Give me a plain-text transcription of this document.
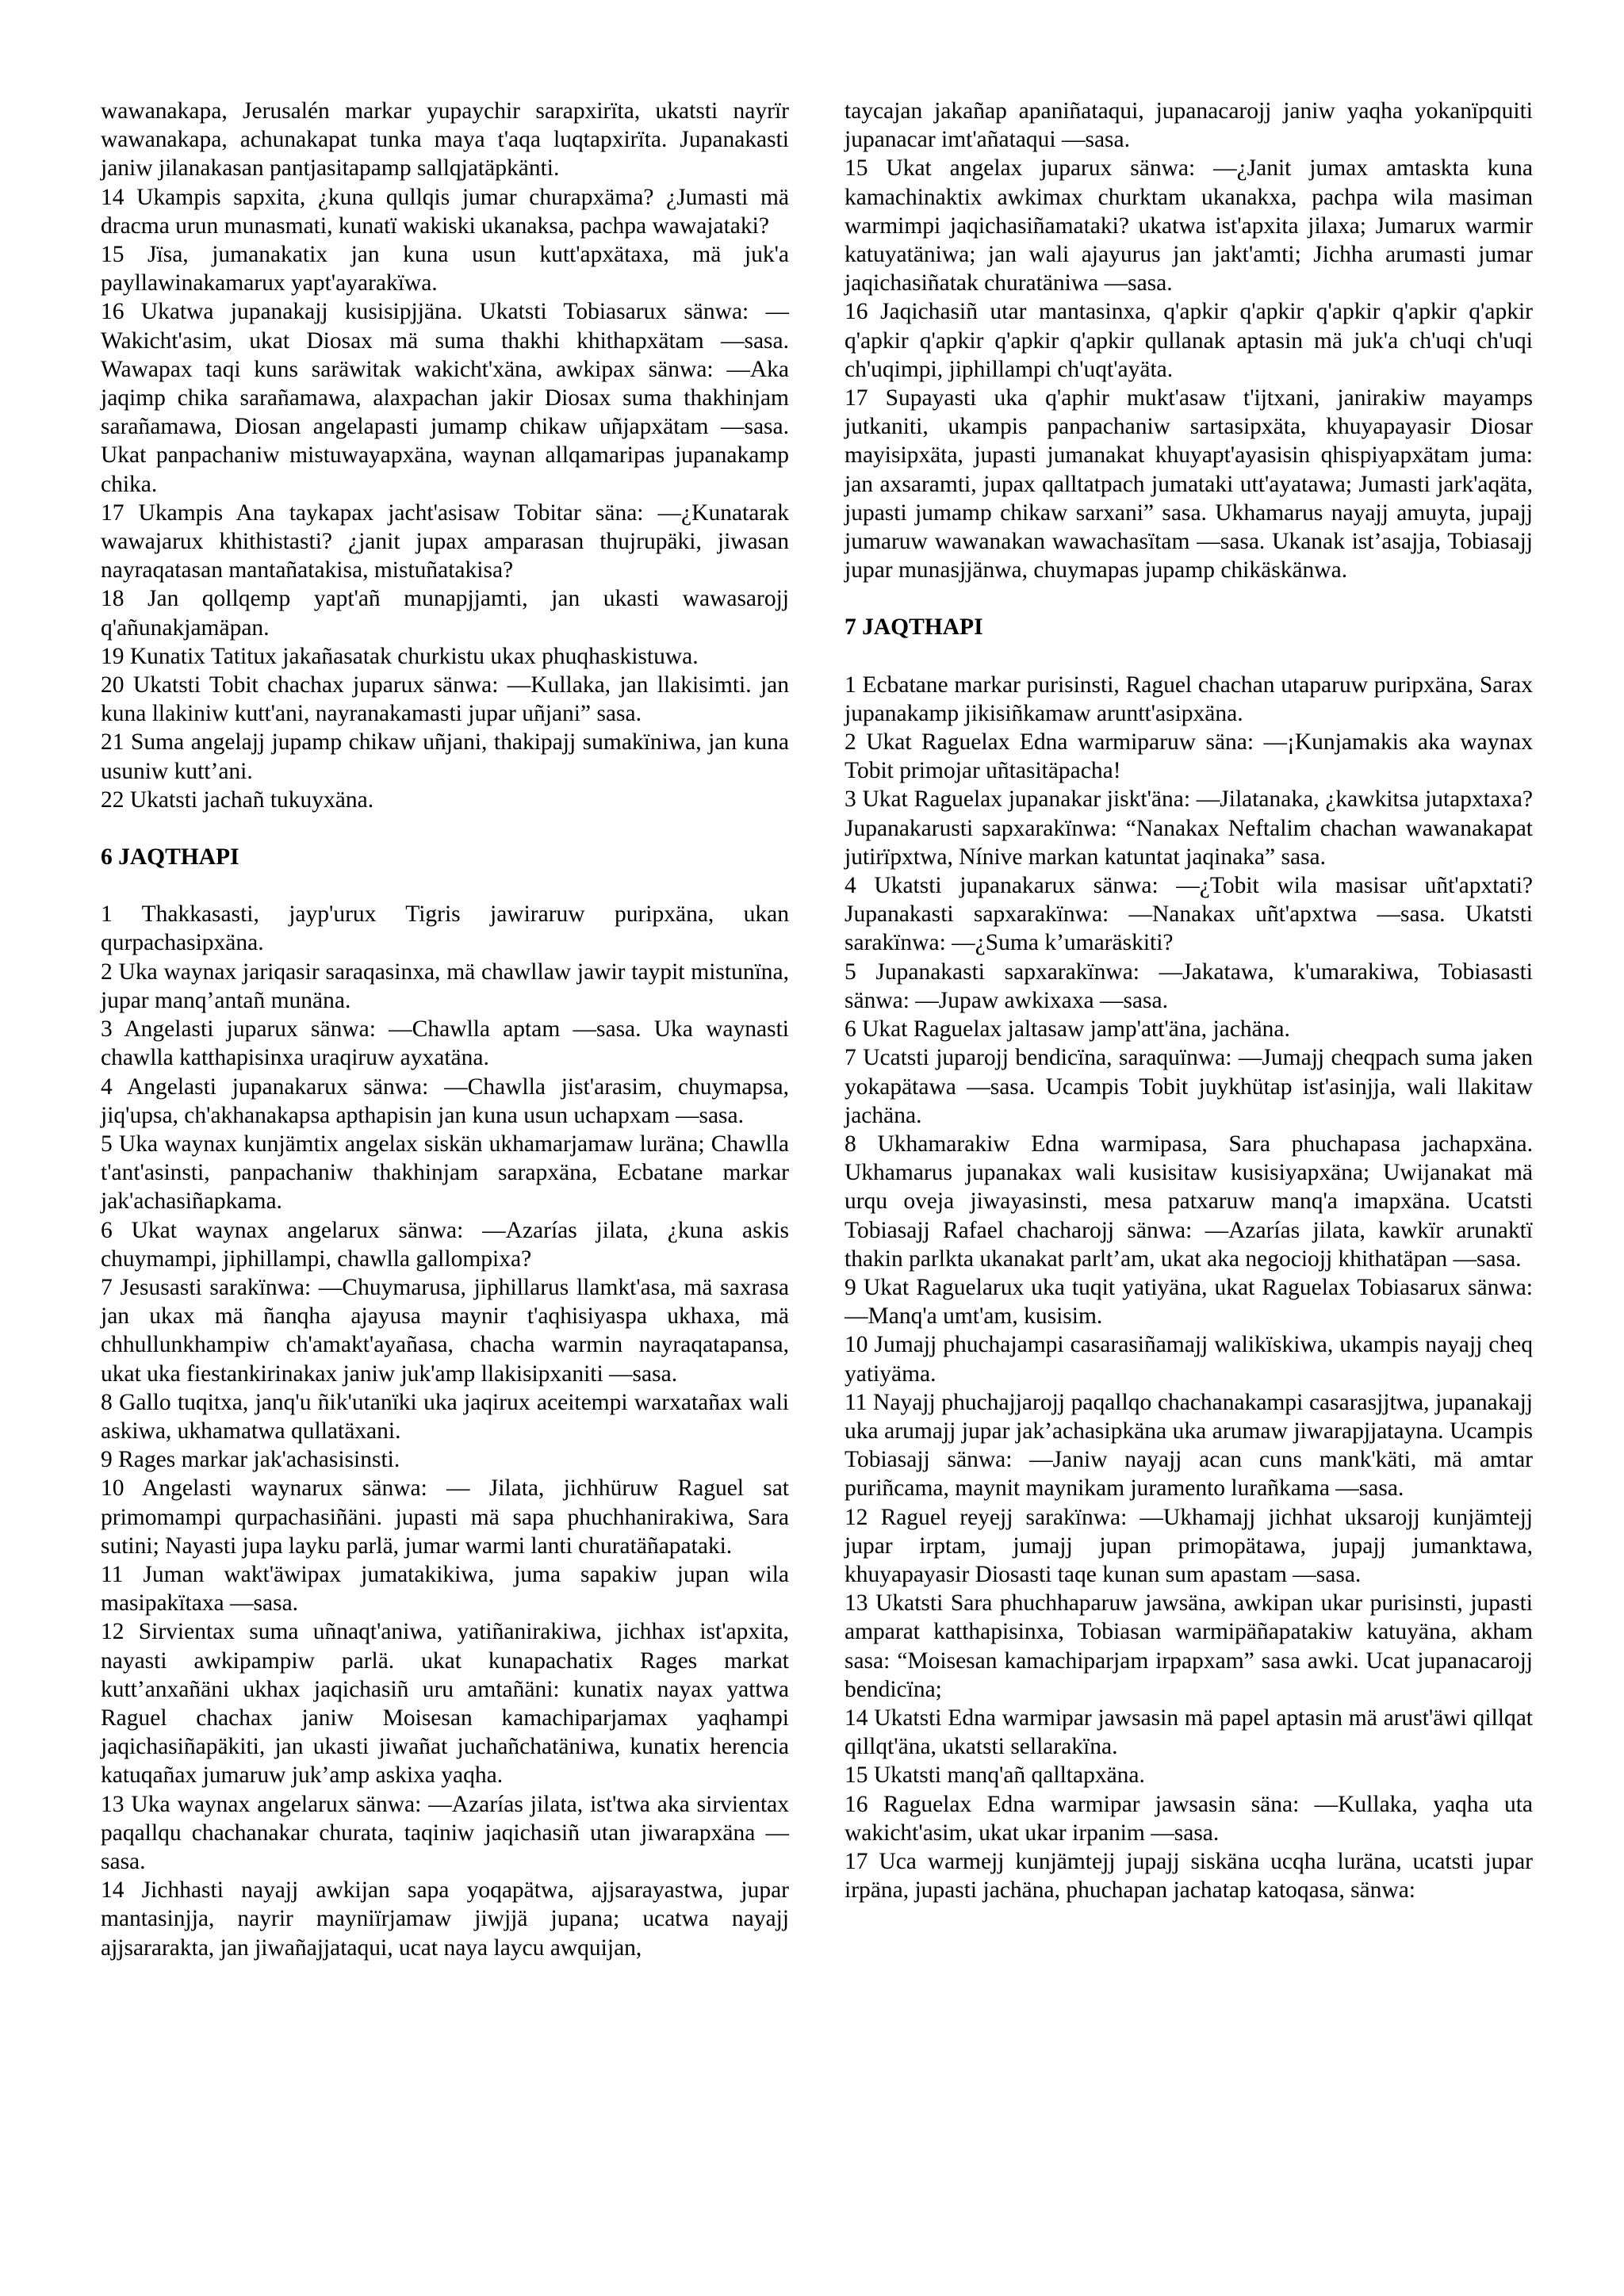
wawanakapa, Jerusalén markar yupaychir sarapxirïta, ukatsti nayrïr wawanakapa, achunakapat tunka maya t'aqa luqtapxirïta. Jupanakasti janiw jilanakasan pantjasitapamp sallqjatäpkänti.

14 Ukampis sapxita, ¿kuna qullqis jumar churapxäma? ¿Jumasti mä dracma urun munasmati, kunatï wakiski ukanaksa, pachpa wawajataki?

15 Jïsa, jumanakatix jan kuna usun kutt'apxätaxa, mä juk'a payllawinakamarux yapt'ayarakïwa.

16 Ukatwa jupanakajj kusisipjjäna. Ukatsti Tobiasarux sänwa: —Wakicht'asim, ukat Diosax mä suma thakhi khithapxätam —sasa. Wawapax taqi kuns saräwitak wakicht'xäna, awkipax sänwa: —Aka jaqimp chika sarañamawa, alaxpachan jakir Diosax suma thakhinjam sarañamawa, Diosan angelapasti jumamp chikaw uñjapxätam —sasa. Ukat panpachaniw mistuwayapxäna, waynan allqamaripas jupanakamp chika.

17 Ukampis Ana taykapax jacht'asisaw Tobitar säna: —¿Kunatarak wawajarux khithistasti? ¿janit jupax amparasan thujrupäki, jiwasan nayraqatasan mantañatakisa, mistuñatakisa?

18 Jan qollqemp yapt'añ munapjjamti, jan ukasti wawasarojj q'añunakjamäpan.

19 Kunatix Tatitux jakañasatak churkistu ukax phuqhaskistuwa.

20 Ukatsti Tobit chachax juparux sänwa: —Kullaka, jan llakisimti. jan kuna llakiniw kutt'ani, nayranakamasti jupar uñjani” sasa.

21 Suma angelajj jupamp chikaw uñjani, thakipajj sumakïniwa, jan kuna usuniw kutt’ani.

22 Ukatsti jachañ tukuyxäna.

6 JAQTHAPI

1 Thakkasasti, jayp'urux Tigris jawiraruw puripxäna, ukan qurpachasipxäna.

2 Uka waynax jariqasir saraqasinxa, mä chawllaw jawir taypit mistunïna, jupar manq’antañ munäna.

3 Angelasti juparux sänwa: —Chawlla aptam —sasa. Uka waynasti chawlla katthapisinxa uraqiruw ayxatäna.

4 Angelasti jupanakarux sänwa: —Chawlla jist'arasim, chuymapsa, jiq'upsa, ch'akhanakapsa apthapisin jan kuna usun uchapxam —sasa.

5 Uka waynax kunjämtix angelax siskän ukhamarjamaw luräna; Chawlla t'ant'asinsti, panpachaniw thakhinjam sarapxäna, Ecbatane markar jak'achasiñapkama.

6 Ukat waynax angelarux sänwa: —Azarías jilata, ¿kuna askis chuymampi, jiphillampi, chawlla gallompixa?

7 Jesusasti sarakïnwa: —Chuymarusa, jiphillarus llamkt'asa, mä saxrasa jan ukax mä ñanqha ajayusa maynir t'aqhisiyaspa ukhaxa, mä chhullunkhampiw ch'amakt'ayañasa, chacha warmin nayraqatapansa, ukat uka fiestankirinakax janiw juk'amp llakisipxaniti —sasa.

8 Gallo tuqitxa, janq'u ñik'utanïki uka jaqirux aceitempi warxatañax wali askiwa, ukhamatwa qullatäxani.

9 Rages markar jak'achasisinsti.

10 Angelasti waynarux sänwa: — Jilata, jichhüruw Raguel sat primomampi qurpachasiñäni. jupasti mä sapa phuchhanirakiwa, Sara sutini; Nayasti jupa layku parlä, jumar warmi lanti churatäñapataki.

11 Juman wakt'äwipax jumatakikiwa, juma sapakiw jupan wila masipakïtaxa —sasa.

12 Sirvientax suma uñnaqt'aniwa, yatiñanirakiwa, jichhax ist'apxita, nayasti awkipampiw parlä. ukat kunapachatix Rages markat kutt’anxañäni ukhax jaqichasiñ uru amtañäni: kunatix nayax yattwa Raguel chachax janiw Moisesan kamachiparjamax yaqhampi jaqichasiñapäkiti, jan ukasti jiwañat juchañchatäniwa, kunatix herencia katuqañax jumaruw juk’amp askixa yaqha.

13 Uka waynax angelarux sänwa: —Azarías jilata, ist'twa aka sirvientax paqallqu chachanakar churata, taqiniw jaqichasiñ utan jiwarapxäna —sasa.

14 Jichhasti nayajj awkijan sapa yoqapätwa, ajjsarayastwa, jupar mantasinjja, nayrir mayniïrjamaw jiwjjä jupana; ucatwa nayajj ajjsararakta, jan jiwañajjataqui, ucat naya laycu awquijan,

taycajan jakañap apaniñataqui, jupanacarojj janiw yaqha yokanïpquiti jupanacar imt'añataqui —sasa.

15 Ukat angelax juparux sänwa: —¿Janit jumax amtaskta kuna kamachinaktix awkimax churktam ukanakxa, pachpa wila masiman warmimpi jaqichasiñamataki? ukatwa ist'apxita jilaxa; Jumarux warmir katuyatäniwa; jan wali ajayurus jan jakt'amti; Jichha arumasti jumar jaqichasiñatak churatäniwa —sasa.

16 Jaqichasiñ utar mantasinxa, q'apkir q'apkir q'apkir q'apkir q'apkir q'apkir q'apkir q'apkir q'apkir qullanak aptasin mä juk'a ch'uqi ch'uqi ch'uqimpi, jiphillampi ch'uqt'ayäta.

17 Supayasti uka q'aphir mukt'asaw t'ijtxani, janirakiw mayamps jutkaniti, ukampis panpachaniw sartasipxäta, khuyapayasir Diosar mayisipxäta, jupasti jumanakat khuyapt'ayasisin qhispiyapxätam juma: jan axsaramti, jupax qalltatpach jumataki utt'ayatawa; Jumasti jark'aqäta, jupasti jumamp chikaw sarxani” sasa. Ukhamarus nayajj amuyta, jupajj jumaruw wawanakan wawachasïtam —sasa. Ukanak ist’asajja, Tobiasajj jupar munasjjänwa, chuymapas jupamp chikäskänwa.

7 JAQTHAPI

1 Ecbatane markar purisinsti, Raguel chachan utaparuw puripxäna, Sarax jupanakamp jikisiñkamaw aruntt'asipxäna.

2 Ukat Raguelax Edna warmiparuw säna: —¡Kunjamakis aka waynax Tobit primojar uñtasitäpacha!

3 Ukat Raguelax jupanakar jiskt'äna: —Jilatanaka, ¿kawkitsa jutapxtaxa? Jupanakarusti sapxarakïnwa: “Nanakax Neftalim chachan wawanakapat jutirïpxtwa, Nínive markan katuntat jaqinaka” sasa.

4 Ukatsti jupanakarux sänwa: —¿Tobit wila masisar uñt'apxtati? Jupanakasti sapxarakïnwa: —Nanakax uñt'apxtwa —sasa. Ukatsti sarakïnwa: —¿Suma k’umaräskiti?

5 Jupanakasti sapxarakïnwa: —Jakatawa, k'umarakiwa, Tobiasasti sänwa: —Jupaw awkixaxa —sasa.

6 Ukat Raguelax jaltasaw jamp'att'äna, jachäna.

7 Ucatsti juparojj bendicïna, saraquïnwa: —Jumajj cheqpach suma jaken yokapätawa —sasa. Ucampis Tobit juykhütap ist'asinjja, wali llakitaw jachäna.

8 Ukhamarakiw Edna warmipasa, Sara phuchapasa jachapxäna. Ukhamarus jupanakax wali kusisitaw kusisiyapxäna; Uwijanakat mä urqu oveja jiwayasinsti, mesa patxaruw manq'a imapxäna. Ucatsti Tobiasajj Rafael chacharojj sänwa: —Azarías jilata, kawkïr arunaktï thakin parlkta ukanakat parlt’am, ukat aka negociojj khithatäpan —sasa.

9 Ukat Raguelarux uka tuqit yatiyäna, ukat Raguelax Tobiasarux sänwa: —Manq'a umt'am, kusisim.

10 Jumajj phuchajampi casarasiñamajj walikïskiwa, ukampis nayajj cheq yatiyäma.

11 Nayajj phuchajjarojj paqallqo chachanakampi casarasjjtwa, jupanakajj uka arumajj jupar jak’achasipkäna uka arumaw jiwarapjjatayna. Ucampis Tobiasajj sänwa: —Janiw nayajj acan cuns mank'käti, mä amtar puriñcama, maynit maynikam juramento lurañkama —sasa.

12 Raguel reyejj sarakïnwa: —Ukhamajj jichhat uksarojj kunjämtejj jupar irptam, jumajj jupan primopätawa, jupajj jumanktawa, khuyapayasir Diosasti taqe kunan sum apastam —sasa.

13 Ukatsti Sara phuchhaparuw jawsäna, awkipan ukar purisinsti, jupasti amparat katthapisinxa, Tobiasan warmipäñapatakiw katuyäna, akham sasa: “Moisesan kamachiparjam irpapxam” sasa awki. Ucat jupanacarojj bendicïna;

14 Ukatsti Edna warmipar jawsasin mä papel aptasin mä arust'äwi qillqat qillqt'äna, ukatsti sellarakïna.

15 Ukatsti manq'añ qalltapxäna.

16 Raguelax Edna warmipar jawsasin säna: —Kullaka, yaqha uta wakicht'asim, ukat ukar irpanim —sasa.

17 Uca warmejj kunjämtejj jupajj siskäna ucqha luräna, ucatsti jupar irpäna, jupasti jachäna, phuchapan jachatap katoqasa, sänwa:
